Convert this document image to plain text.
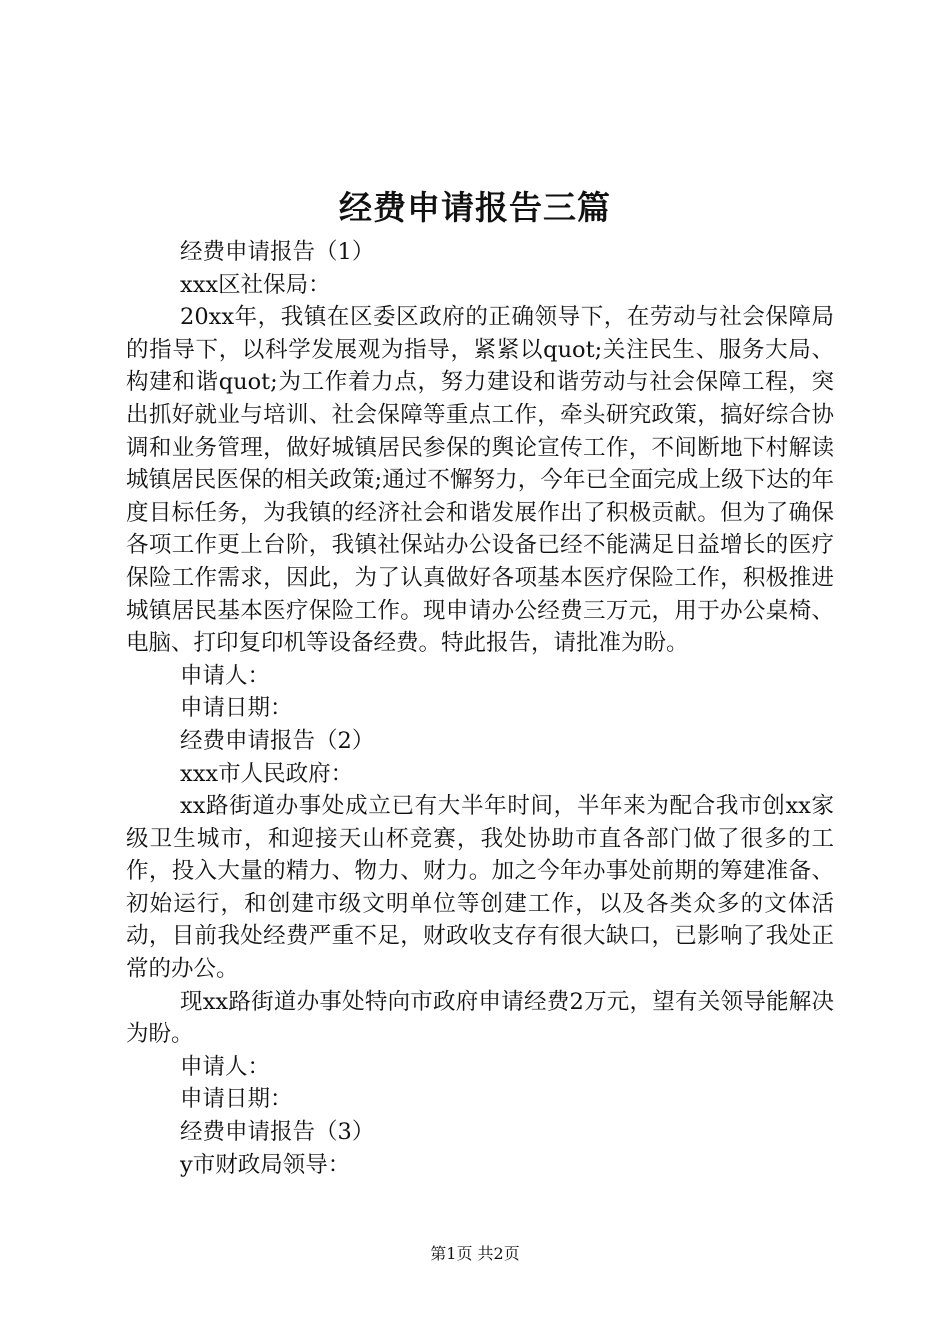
经费申请报告三篇

经费申请报告（1）

xxx区社保局：

20xx年，我镇在区委区政府的正确领导下，在劳动与社会保障局的指导下，以科学发展观为指导，紧紧以quot;关注民生、服务大局、构建和谐quot;为工作着力点，努力建设和谐劳动与社会保障工程，突出抓好就业与培训、社会保障等重点工作，牵头研究政策，搞好综合协调和业务管理，做好城镇居民参保的舆论宣传工作，不间断地下村解读城镇居民医保的相关政策;通过不懈努力，今年已全面完成上级下达的年度目标任务，为我镇的经济社会和谐发展作出了积极贡献。但为了确保各项工作更上台阶，我镇社保站办公设备已经不能满足日益增长的医疗保险工作需求，因此，为了认真做好各项基本医疗保险工作，积极推进城镇居民基本医疗保险工作。现申请办公经费三万元，用于办公桌椅、电脑、打印复印机等设备经费。特此报告，请批准为盼。

申请人：

申请日期：

经费申请报告（2）

xxx市人民政府：

xx路街道办事处成立已有大半年时间，半年来为配合我市创xx家级卫生城市，和迎接天山杯竞赛，我处协助市直各部门做了很多的工作，投入大量的精力、物力、财力。加之今年办事处前期的筹建准备、初始运行，和创建市级文明单位等创建工作，以及各类众多的文体活动，目前我处经费严重不足，财政收支存有很大缺口，已影响了我处正常的办公。

现xx路街道办事处特向市政府申请经费2万元，望有关领导能解决为盼。

申请人：

申请日期：

经费申请报告（3）

y市财政局领导：

第1页 共2页
